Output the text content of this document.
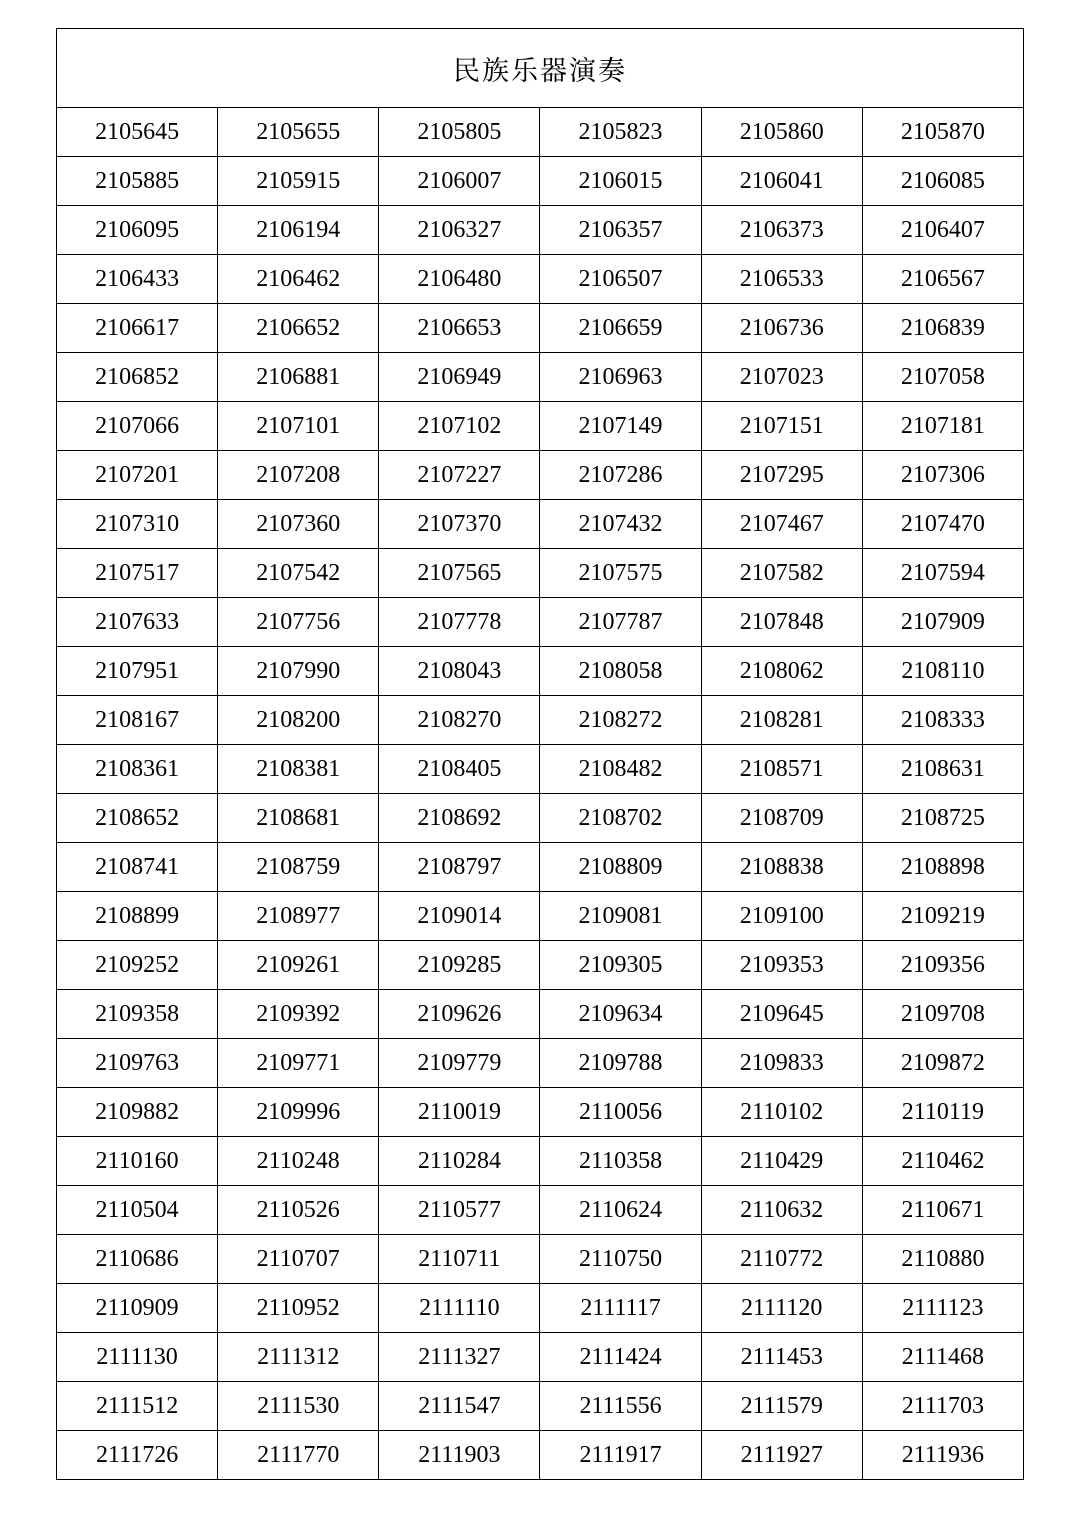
民族乐器演奏					
2105645	2105655	2105805	2105823	2105860	2105870
2105885	2105915	2106007	2106015	2106041	2106085
2106095	2106194	2106327	2106357	2106373	2106407
2106433	2106462	2106480	2106507	2106533	2106567
2106617	2106652	2106653	2106659	2106736	2106839
2106852	2106881	2106949	2106963	2107023	2107058
2107066	2107101	2107102	2107149	2107151	2107181
2107201	2107208	2107227	2107286	2107295	2107306
2107310	2107360	2107370	2107432	2107467	2107470
2107517	2107542	2107565	2107575	2107582	2107594
2107633	2107756	2107778	2107787	2107848	2107909
2107951	2107990	2108043	2108058	2108062	2108110
2108167	2108200	2108270	2108272	2108281	2108333
2108361	2108381	2108405	2108482	2108571	2108631
2108652	2108681	2108692	2108702	2108709	2108725
2108741	2108759	2108797	2108809	2108838	2108898
2108899	2108977	2109014	2109081	2109100	2109219
2109252	2109261	2109285	2109305	2109353	2109356
2109358	2109392	2109626	2109634	2109645	2109708
2109763	2109771	2109779	2109788	2109833	2109872
2109882	2109996	2110019	2110056	2110102	2110119
2110160	2110248	2110284	2110358	2110429	2110462
2110504	2110526	2110577	2110624	2110632	2110671
2110686	2110707	2110711	2110750	2110772	2110880
2110909	2110952	2111110	2111117	2111120	2111123
2111130	2111312	2111327	2111424	2111453	2111468
2111512	2111530	2111547	2111556	2111579	2111703
2111726	2111770	2111903	2111917	2111927	2111936
